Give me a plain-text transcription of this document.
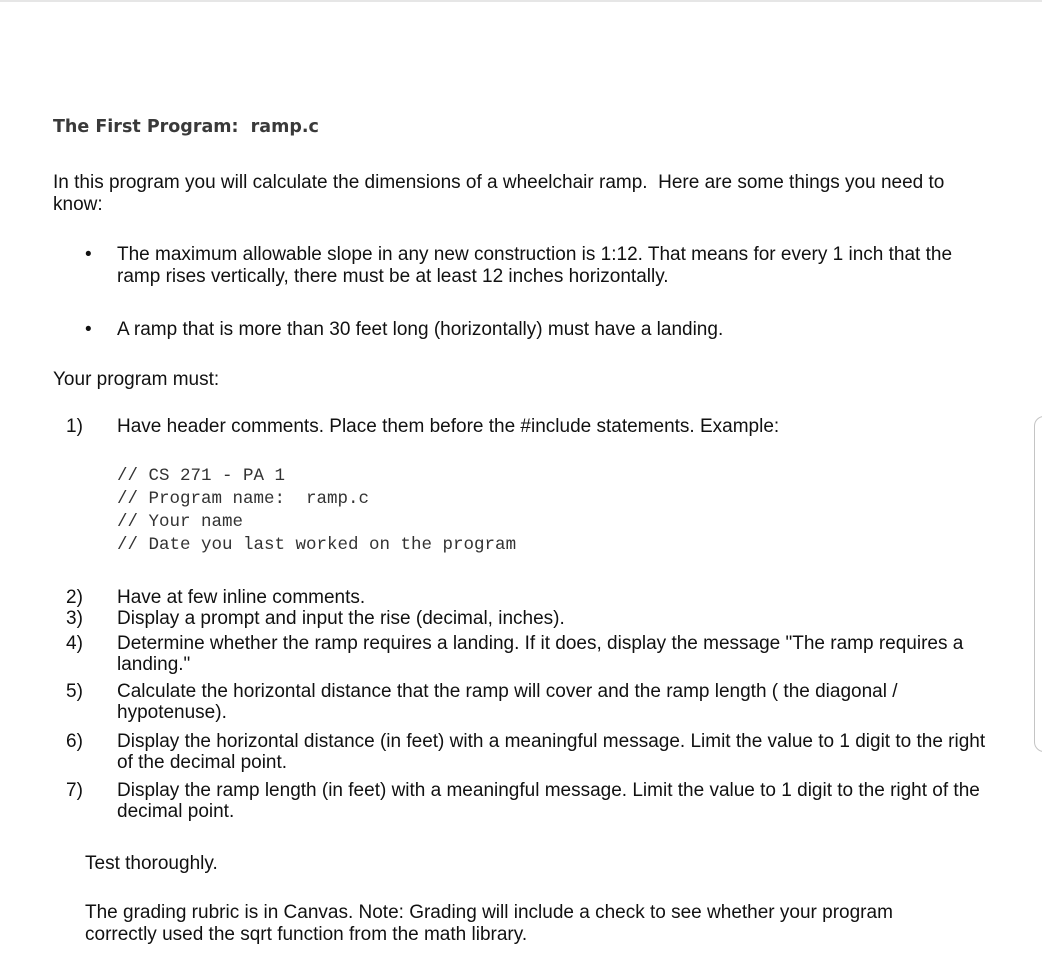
The First Program:  ramp.c
In this program you will calculate the dimensions of a wheelchair ramp.  Here are some things you need to know:
• The maximum allowable slope in any new construction is 1:12. That means for every 1 inch that the ramp rises vertically, there must be at least 12 inches horizontally.
• A ramp that is more than 30 feet long (horizontally) must have a landing.
Your program must:
1) Have header comments. Place them before the #include statements. Example:
// CS 271 - PA 1
// Program name:  ramp.c
// Your name
// Date you last worked on the program
2) Have at few inline comments.
3) Display a prompt and input the rise (decimal, inches).
4) Determine whether the ramp requires a landing. If it does, display the message "The ramp requires a landing."
5) Calculate the horizontal distance that the ramp will cover and the ramp length ( the diagonal / hypotenuse).
6) Display the horizontal distance (in feet) with a meaningful message. Limit the value to 1 digit to the right of the decimal point.
7) Display the ramp length (in feet) with a meaningful message. Limit the value to 1 digit to the right of the decimal point.
Test thoroughly.
The grading rubric is in Canvas. Note: Grading will include a check to see whether your program correctly used the sqrt function from the math library.
